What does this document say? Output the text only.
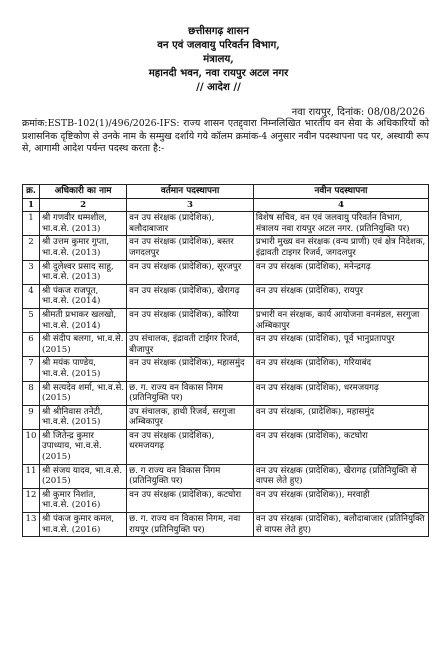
छत्तीसगढ़ शासन
वन एवं जलवायु परिवर्तन विभाग,
मंत्रालय,
महानदी भवन, नवा रायपुर अटल नगर
// आदेश //
नवा रायपुर, दिनांक: 08/08/2026
क्रमांक:ESTB-102(1)/496/2026-IFS: राज्य शासन एतद्द्वारा निम्नलिखित भारतीय वन सेवा के अधिकारियों को प्रशासनिक दृष्टिकोण से उनके नाम के सम्मुख दर्शाये गये कॉलम क्रमांक-4 अनुसार नवीन पदस्थापना पद पर, अस्थायी रूप से, आगामी आदेश पर्यन्त पदस्थ करता है:-
क्र.	अधिकारी का नाम	वर्तमान पदस्थापना	नवीन पदस्थापना
1	2	3	4
1	श्री गणवीर धम्मशील, भा.व.से. (2013)	वन उप संरक्षक (प्रादेशिक), बलौदाबाजार	विशेष सचिव, वन एवं जलवायु परिवर्तन विभाग, मंत्रालय नवा रायपुर अटल नगर. (प्रतिनियुक्ति पर)
2	श्री उत्तम कुमार गुप्ता, भा.व.से. (2013)	वन उप संरक्षक (प्रादेशिक), बस्तर जगदलपुर	प्रभारी मुख्य वन संरक्षक (वन्य प्राणी) एवं क्षेत्र निदेशक, इंद्रावती टाइगर रिजर्व, जगदलपुर
3	श्री दुलेश्वर प्रसाद साहू, भा.व.से. (2013)	वन उप संरक्षक (प्रादेशिक), सूरजपुर	वन उप संरक्षक (प्रादेशिक), मनेन्द्रगढ़
4	श्री पंकज राजपूत, भा.व.से. (2014)	वन उप संरक्षक (प्रादेशिक), खैरागढ़	वन उप संरक्षक (प्रादेशिक), रायपुर
5	श्रीमती प्रभाकर खलखो, भा.व.से. (2014)	वन उप संरक्षक (प्रादेशिक), कोरिया	प्रभारी वन संरक्षक, कार्य आयोजना वनमंडल, सरगुजा अम्बिकापुर
6	श्री संदीप बलगा, भा.व.से. (2015)	उप संचालक, इंद्रावती टाईगर रिजर्व, बीजापुर	वन उप संरक्षक (प्रादेशिक), पूर्व भानुप्रतापपुर
7	श्री मयंक पाण्डेय, भा.व.से. (2015)	वन उप संरक्षक (प्रादेशिक), महासमुंद	वन उप संरक्षक (प्रादेशिक), गरियाबंद
8	श्री सत्यदेव शर्मा, भा.व.से. (2015)	छ. ग. राज्य वन विकास निगम (प्रतिनियुक्ति पर)	वन उप संरक्षक (प्रादेशिक), धरमजयगढ़
9	श्री श्रीनिवास तनेटी, भा.व.से. (2015)	उप संचालक, हाथी रिजर्व, सरगुजा अम्बिकापुर	वन उप संरक्षक, (प्रादेशिक), महासमुंद
10	श्री जितेन्द्र कुमार उपाध्याय, भा.व.से. (2015)	वन उप संरक्षक (प्रादेशिक), धरमजयगढ़	वन उप संरक्षक (प्रादेशिक), कटघोरा
11	श्री संजय यादव, भा.व.से. (2015)	छ. ग राज्य वन विकास निगम (प्रतिनियुक्ति पर)	वन उप संरक्षक (प्रादेशिक), खैरागढ़ (प्रतिनियुक्ति से वापस लेते हुए)
12	श्री कुमार निशांत, भा.व.से. (2016)	वन उप संरक्षक (प्रादेशिक), कटघोरा	वन उप संरक्षक (प्रादेशिक)), मरवाही
13	श्री पंकज कुमार कमल, भा.व.से. (2016)	छ. ग. राज्य वन विकास निगम, नवा रायपुर (प्रतिनियुक्ति पर)	वन उप संरक्षक (प्रादेशिक), बलौदाबाजार (प्रतिनियुक्ति से वापस लेते हुए)
